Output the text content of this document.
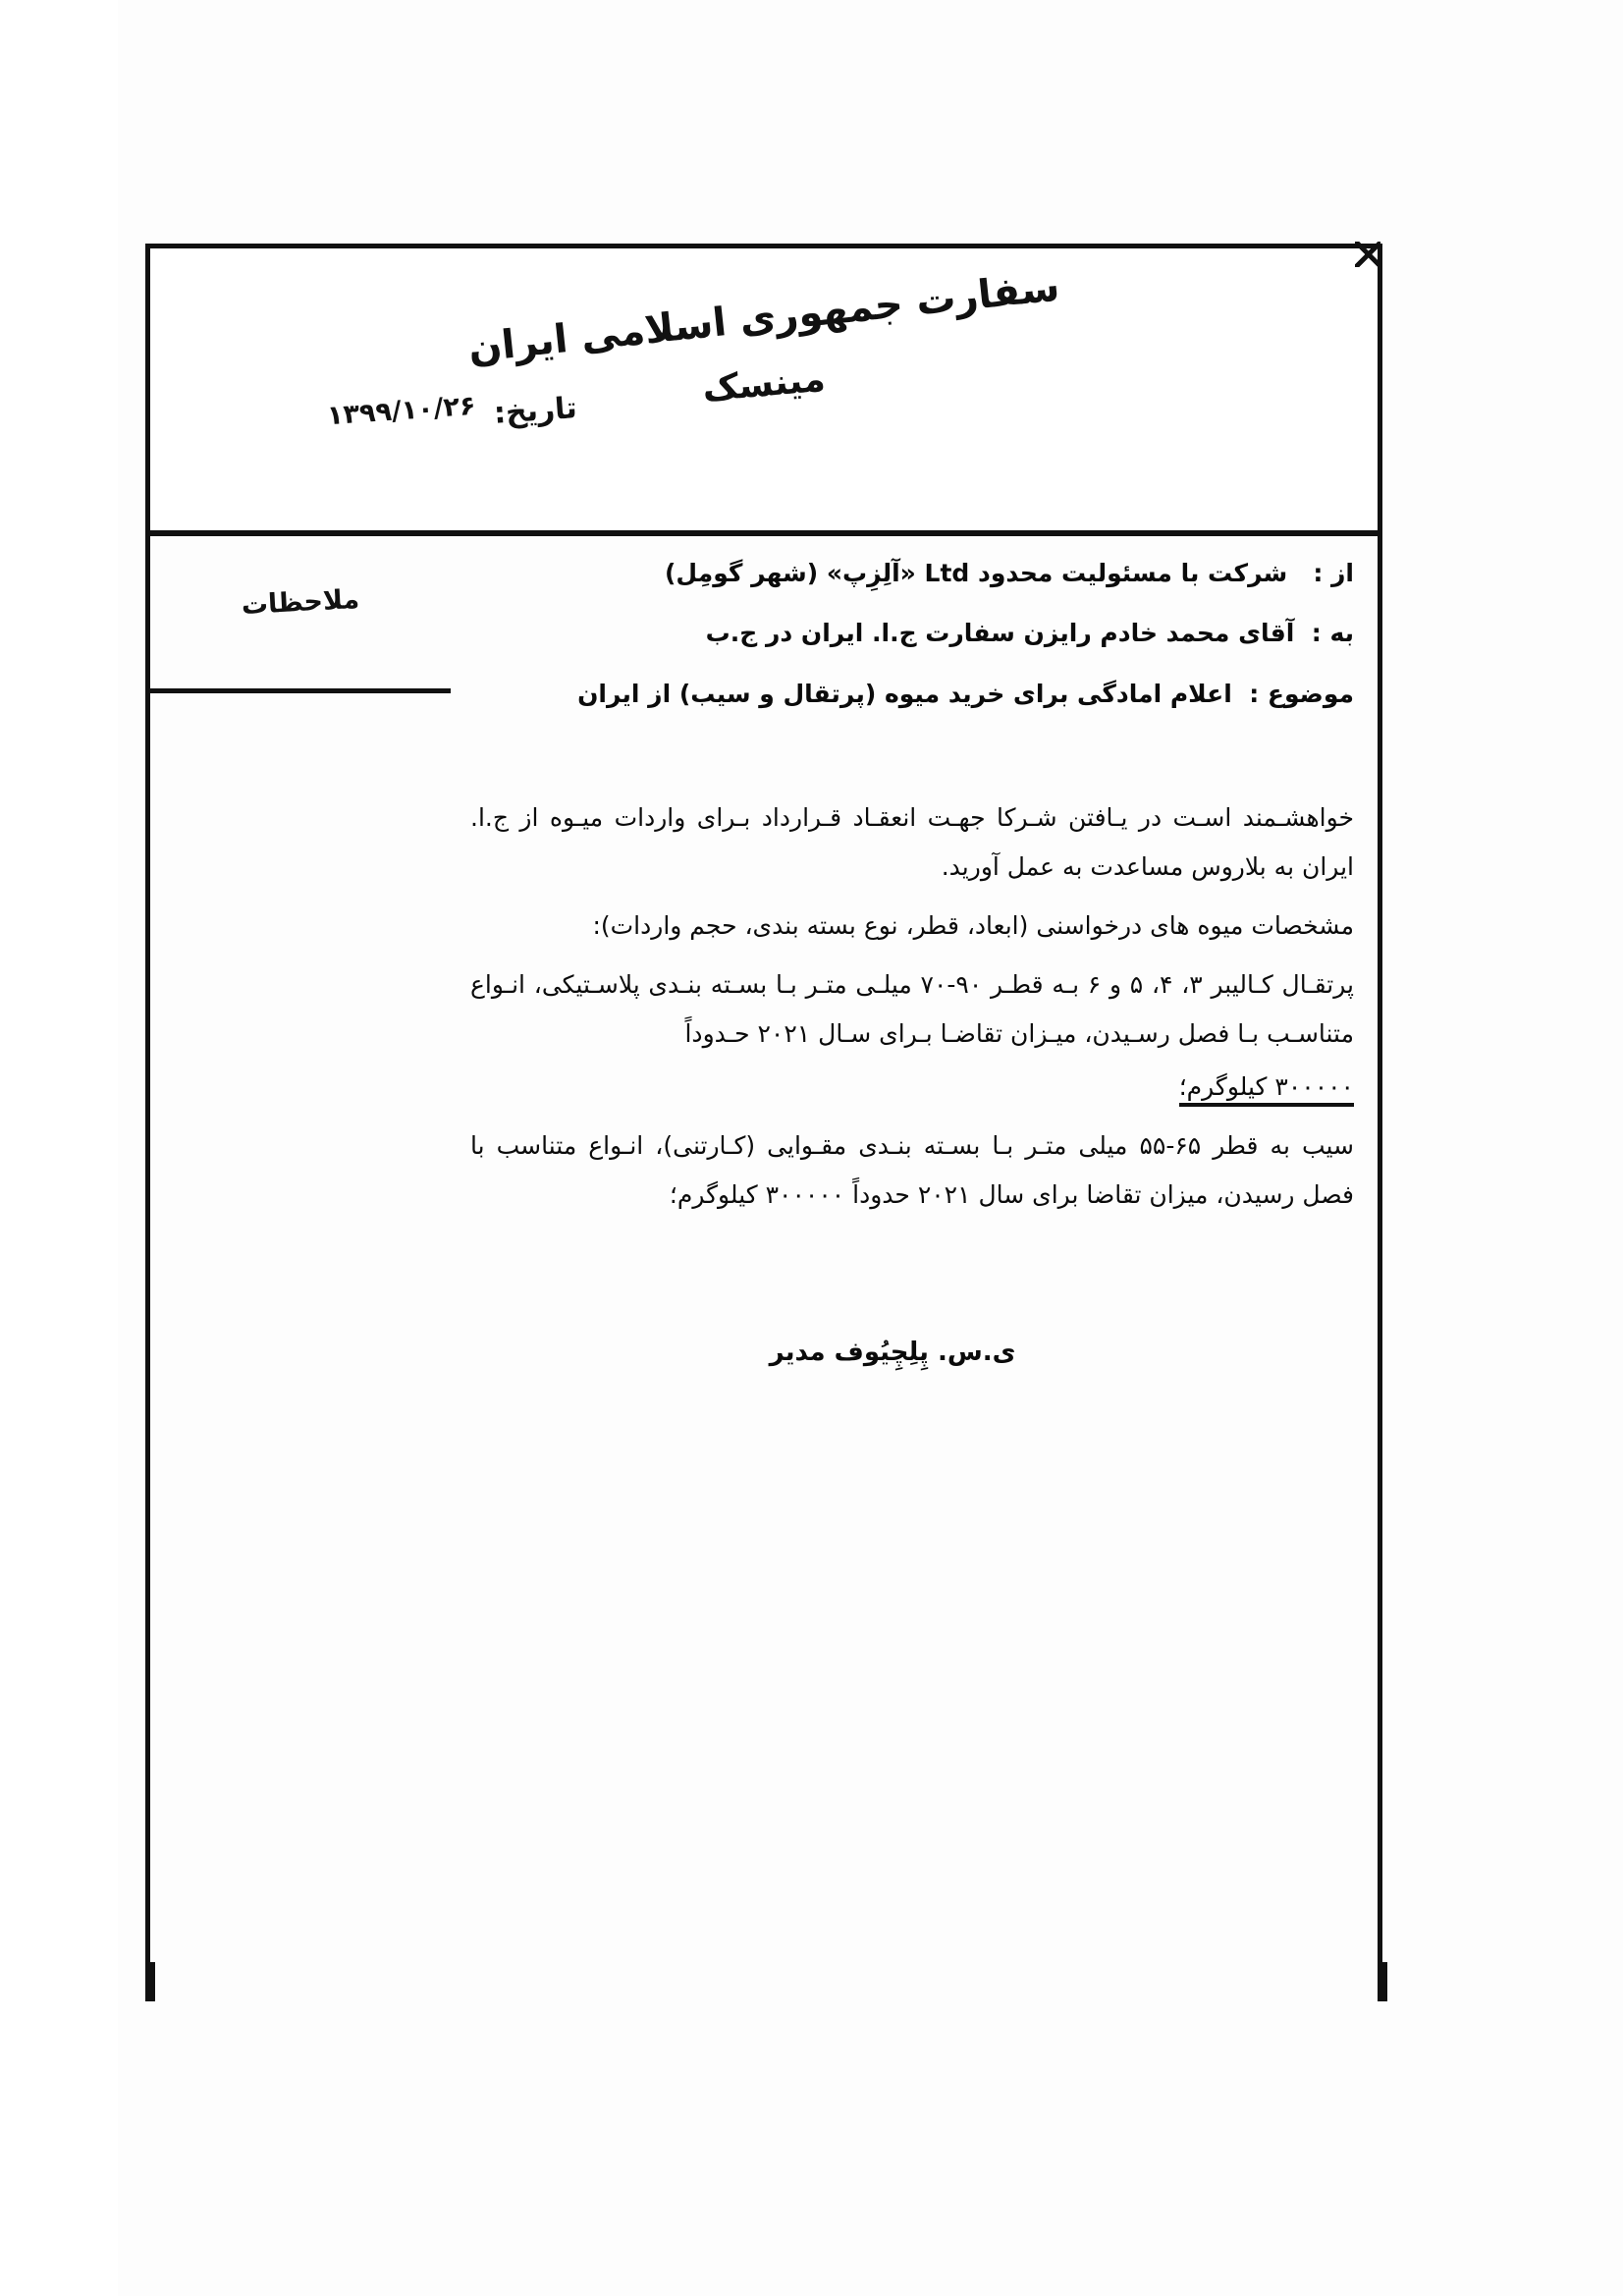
سفارت جمهوری اسلامی ایران
مینسک
تاریخ:
۱۳۹۹/۱۰/۲۶
ملاحظات
از :   شرکت با مسئولیت محدود Ltd «آلِزِپ» (شهر گومِل)
به :  آقای محمد خادم رایزن سفارت ج.ا. ایران در ج.ب
موضوع :  اعلام امادگی برای خرید میوه (پرتقال و سیب) از ایران

خواهشـمند اسـت در یـافتن شـرکا جهـت انعقـاد قـرارداد بـرای واردات میـوه از ج.ا. ایران به بلاروس مساعدت به عمل آورید.

مشخصات میوه های درخواسنی (ابعاد، قطر، نوع بسته بندی، حجم واردات):

پرتقـال کـالیبر ۳، ۴، ۵ و ۶ بـه قطـر ۹۰-۷۰ میلـی متـر بـا بسـته بنـدی پلاسـتیکی، انـواع متناسـب بـا فصل رسـیدن، میـزان تقاضـا بـرای سـال ۲۰۲۱ حـدوداً

۳۰۰۰۰۰ کیلوگرم؛

سیب به قطر ۶۵-۵۵ میلی متـر بـا بسـته بنـدی مقـوایی (کـارتنی)، انـواع متناسب با فصل رسیدن، میزان تقاضا برای سال ۲۰۲۱ حدوداً ۳۰۰۰۰۰ کیلوگرم؛

ی.س. پِلِچِیُوف مدیر
